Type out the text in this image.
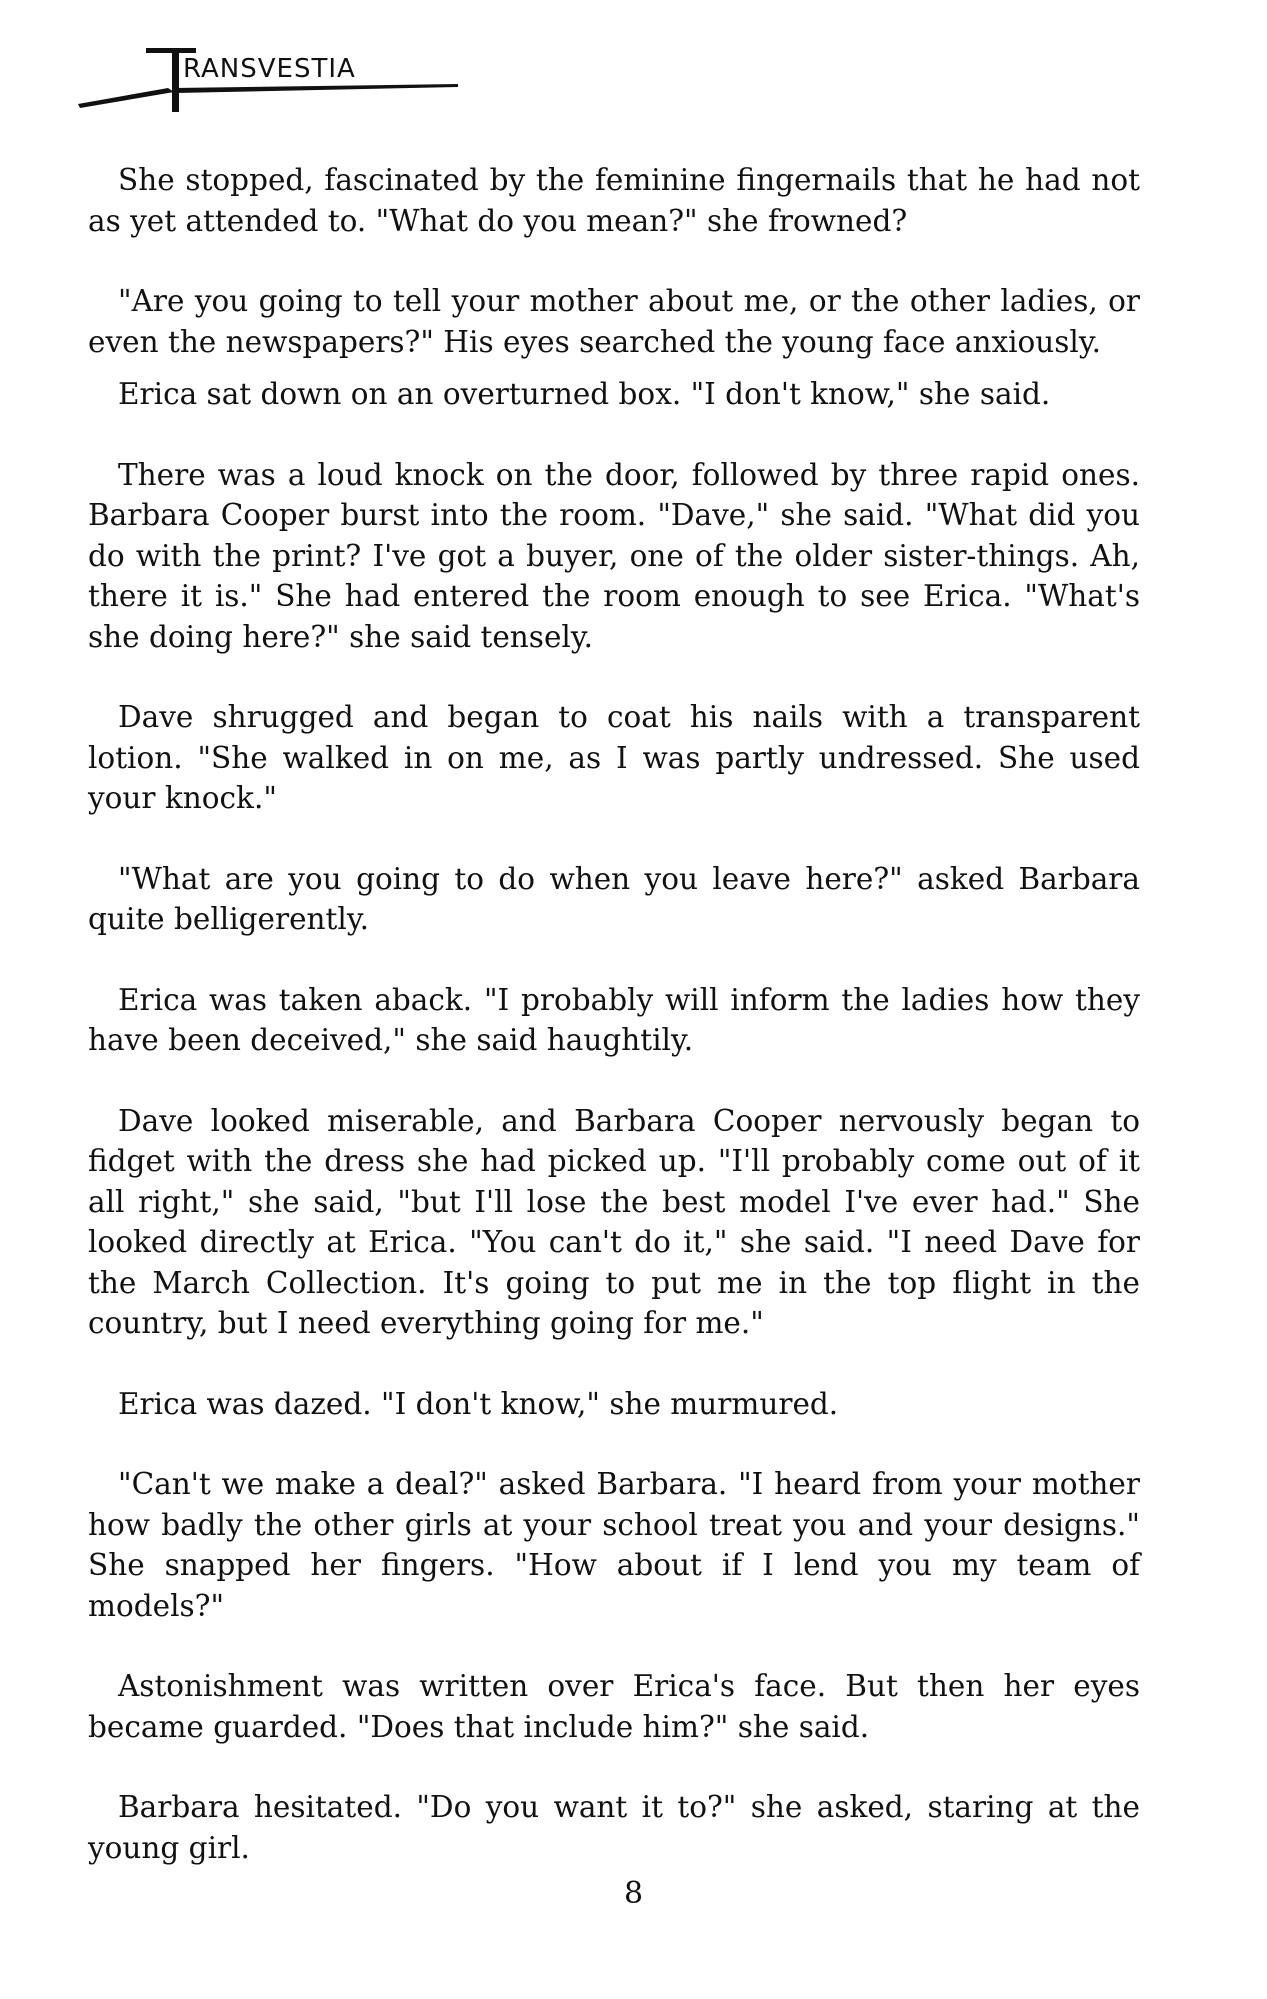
RANSVESTIA

She stopped, fascinated by the feminine fingernails that he had not as yet attended to. "What do you mean?" she frowned?

"Are you going to tell your mother about me, or the other ladies, or even the newspapers?" His eyes searched the young face anxiously.

Erica sat down on an overturned box. "I don't know," she said.

There was a loud knock on the door, followed by three rapid ones. Barbara Cooper burst into the room. "Dave," she said. "What did you do with the print? I've got a buyer, one of the older sister-things. Ah, there it is." She had entered the room enough to see Erica. "What's she doing here?" she said tensely.

Dave shrugged and began to coat his nails with a transparent lotion. "She walked in on me, as I was partly undressed. She used your knock."

"What are you going to do when you leave here?" asked Barbara quite belligerently.

Erica was taken aback. "I probably will inform the ladies how they have been deceived," she said haughtily.

Dave looked miserable, and Barbara Cooper nervously began to fidget with the dress she had picked up. "I'll probably come out of it all right," she said, "but I'll lose the best model I've ever had." She looked directly at Erica. "You can't do it," she said. "I need Dave for the March Collection. It's going to put me in the top flight in the country, but I need everything going for me."

Erica was dazed. "I don't know," she murmured.

"Can't we make a deal?" asked Barbara. "I heard from your mother how badly the other girls at your school treat you and your designs." She snapped her fingers. "How about if I lend you my team of models?"

Astonishment was written over Erica's face. But then her eyes became guarded. "Does that include him?" she said.

Barbara hesitated. "Do you want it to?" she asked, staring at the young girl.

8
